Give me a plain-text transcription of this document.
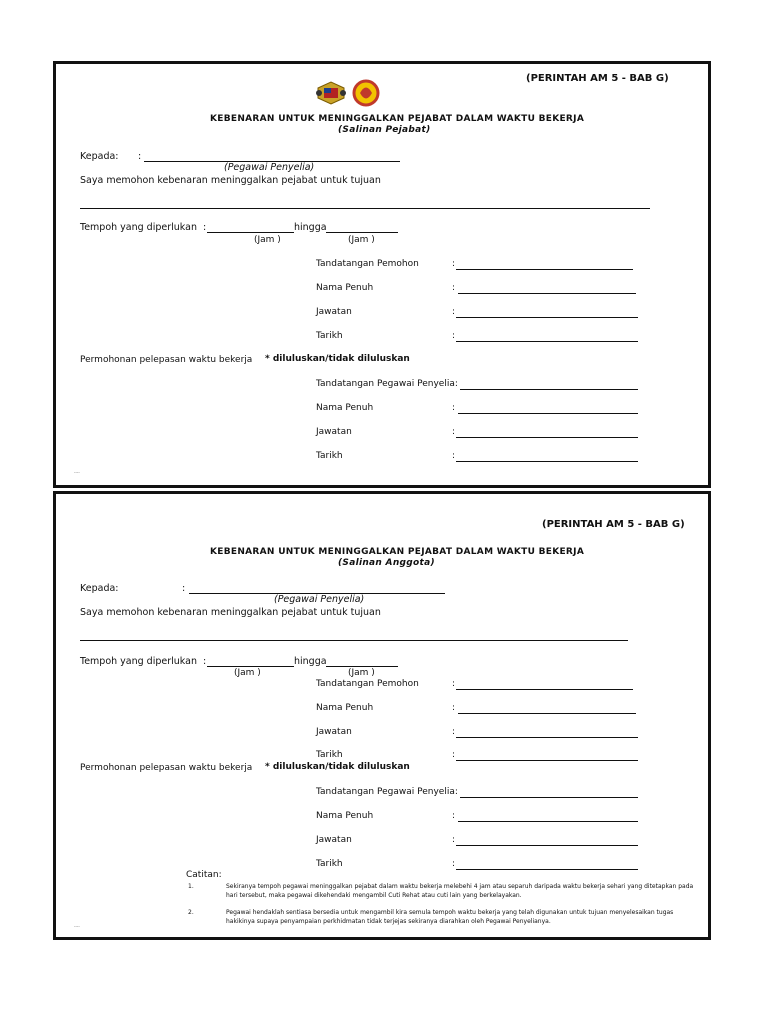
(PERINTAH AM 5 - BAB G)
KEBENARAN UNTUK MENINGGALKAN PEJABAT DALAM WAKTU BEKERJA
(Salinan Pejabat)
Kepada: :
(Pegawai Penyelia)
Saya memohon kebenaran meninggalkan pejabat untuk tujuan
Tempoh yang diperlukan :	hingga
(Jam )	(Jam )
Tandatangan Pemohon	:
Nama Penuh	:
Jawatan	:
Tarikh	:
Permohonan pelepasan waktu bekerja * diluluskan/tidak diluluskan
Tandatangan Pegawai Penyelia:
Nama Penuh	:
Jawatan	:
Tarikh	:
----
(PERINTAH AM 5 - BAB G)
KEBENARAN UNTUK MENINGGALKAN PEJABAT DALAM WAKTU BEKERJA
(Salinan Anggota)
Kepada:	:
(Pegawai Penyelia)
Saya memohon kebenaran meninggalkan pejabat untuk tujuan
Tempoh yang diperlukan :	hingga
(Jam )	(Jam )
Tandatangan Pemohon	:
Nama Penuh	:
Jawatan	:
Tarikh	:
Permohonan pelepasan waktu bekerja * diluluskan/tidak diluluskan
Tandatangan Pegawai Penyelia:
Nama Penuh	:
Jawatan	:
Tarikh	:
Catitan:
1.	Sekiranya tempoh pegawai meninggalkan pejabat dalam waktu bekerja melebehi 4 jam atau separuh daripada waktu bekerja sehari yang ditetapkan pada hari tersebut, maka pegawai dikehendaki mengambil Cuti Rehat atau cuti lain yang berkelayakan.
2.	Pegawai hendaklah sentiasa bersedia untuk mengambil kira semula tempoh waktu bekerja yang telah digunakan untuk tujuan menyelesaikan tugas hakikinya supaya penyampaian perkhidmatan tidak terjejas sekiranya diarahkan oleh Pegawai Penyelianya.
----
